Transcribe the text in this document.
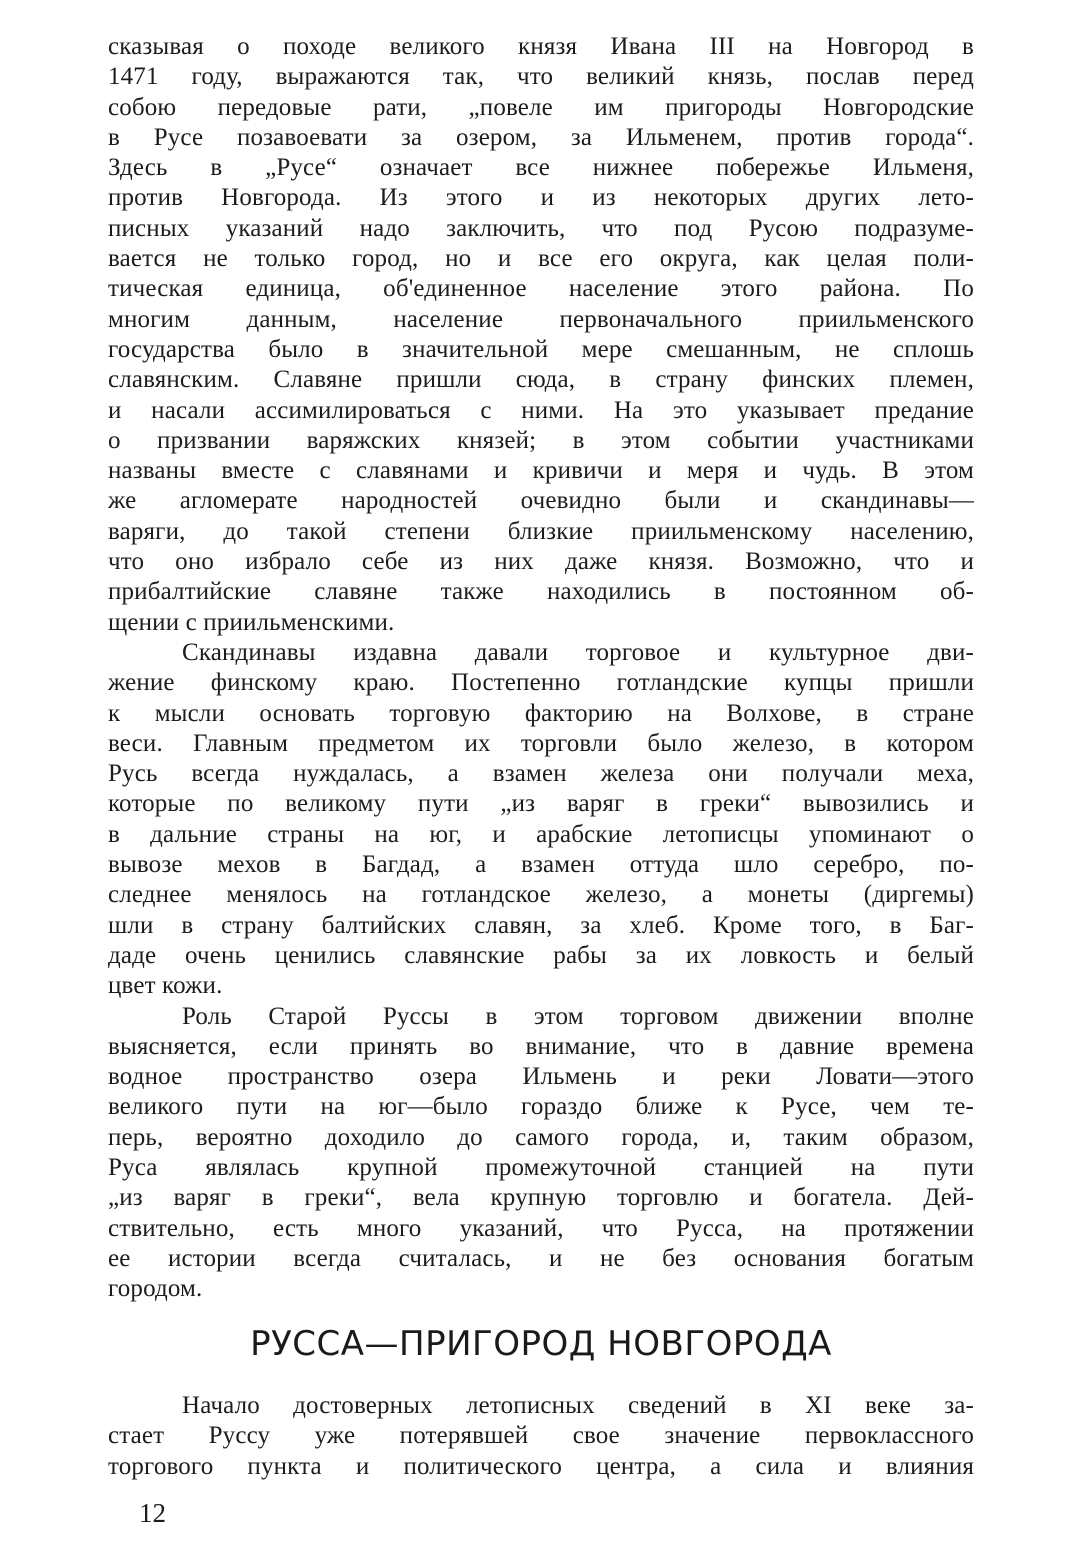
сказывая о походе великого князя Ивана III на Новгород в
1471 году, выражаются так, что великий князь, послав перед
собою передовые рати, „повеле им пригороды Новгородские
в Русе позавоевати за озером, за Ильменем, против города“.
Здесь в „Русе“ означает все нижнее побережье Ильменя,
против Новгорода. Из этого и из некоторых других лето-
писных указаний надо заключить, что под Русою подразуме-
вается не только город, но и все его округа, как целая поли-
тическая единица, об'единенное население этого района. По
многим данным, население первоначального приильменского
государства было в значительной мере смешанным, не сплошь
славянским. Славяне пришли сюда, в страну финских племен,
и насали ассимилироваться с ними. На это указывает предание
о призвании варяжских князей; в этом событии участниками
названы вместе с славянами и кривичи и меря и чудь. В этом
же агломерате народностей очевидно были и скандинавы—
варяги, до такой степени близкие приильменскому населению,
что оно избрало себе из них даже князя. Возможно, что и
прибалтийские славяне также находились в постоянном об-
щении с приильменскими.
Скандинавы издавна давали торговое и культурное дви-
жение финскому краю. Постепенно готландские купцы пришли
к мысли основать торговую факторию на Волхове, в стране
веси. Главным предметом их торговли было железо, в котором
Русь всегда нуждалась, а взамен железа они получали меха,
которые по великому пути „из варяг в греки“ вывозились и
в дальние страны на юг, и арабские летописцы упоминают о
вывозе мехов в Багдад, а взамен оттуда шло серебро, по-
следнее менялось на готландское железо, а монеты (диргемы)
шли в страну балтийских славян, за хлеб. Кроме того, в Баг-
даде очень ценились славянские рабы за их ловкость и белый
цвет кожи.
Роль Старой Руссы в этом торговом движении вполне
выясняется, если принять во внимание, что в давние времена
водное пространство озера Ильмень и реки Ловати—этого
великого пути на юг—было гораздо ближе к Русе, чем те-
перь, вероятно доходило до самого города, и, таким образом,
Руса являлась крупной промежуточной станцией на пути
„из варяг в греки“, вела крупную торговлю и богатела. Дей-
ствительно, есть много указаний, что Русса, на протяжении
ее истории всегда считалась, и не без основания богатым
городом.
РУССА—ПРИГОРОД НОВГОРОДА
Начало достоверных летописных сведений в XI веке за-
стает Руссу уже потерявшей свое значение первоклассного
торгового пункта и политического центра, а сила и влияния
12
